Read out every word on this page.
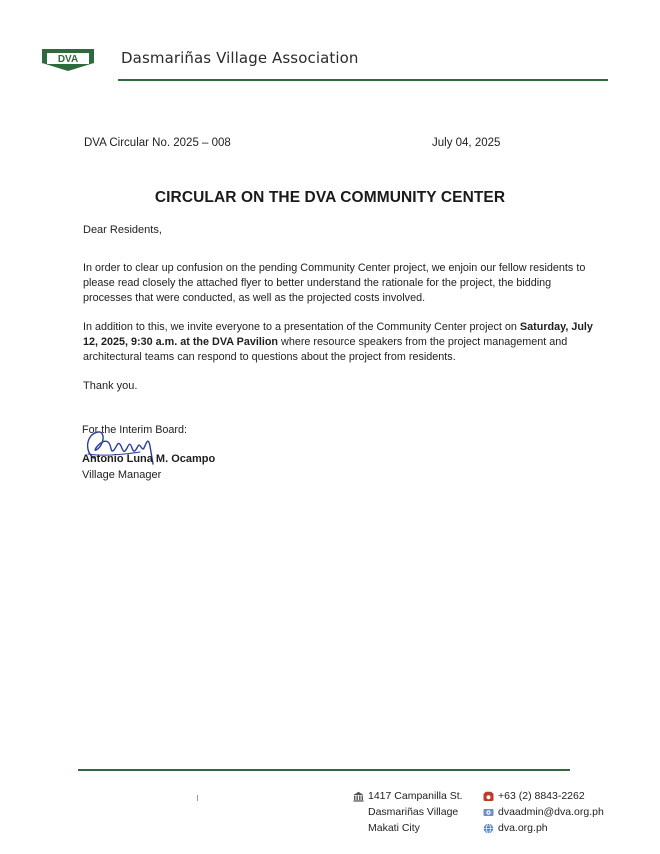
DVA	Dasmariñas Village Association
DVA Circular No. 2025 – 008	July 04, 2025
CIRCULAR ON THE DVA COMMUNITY CENTER
Dear Residents,
In order to clear up confusion on the pending Community Center project, we enjoin our fellow residents to please read closely the attached flyer to better understand the rationale for the project, the bidding processes that were conducted, as well as the projected costs involved.
In addition to this, we invite everyone to a presentation of the Community Center project on Saturday, July 12, 2025, 9:30 a.m. at the DVA Pavilion where resource speakers from the project management and architectural teams can respond to questions about the project from residents.
Thank you.
For the Interim Board:
Antonio Luna M. Ocampo
Village Manager
1417 Campanilla St.
Dasmariñas Village
Makati City
+63 (2) 8843-2262
dvaadmin@dva.org.ph
dva.org.ph
